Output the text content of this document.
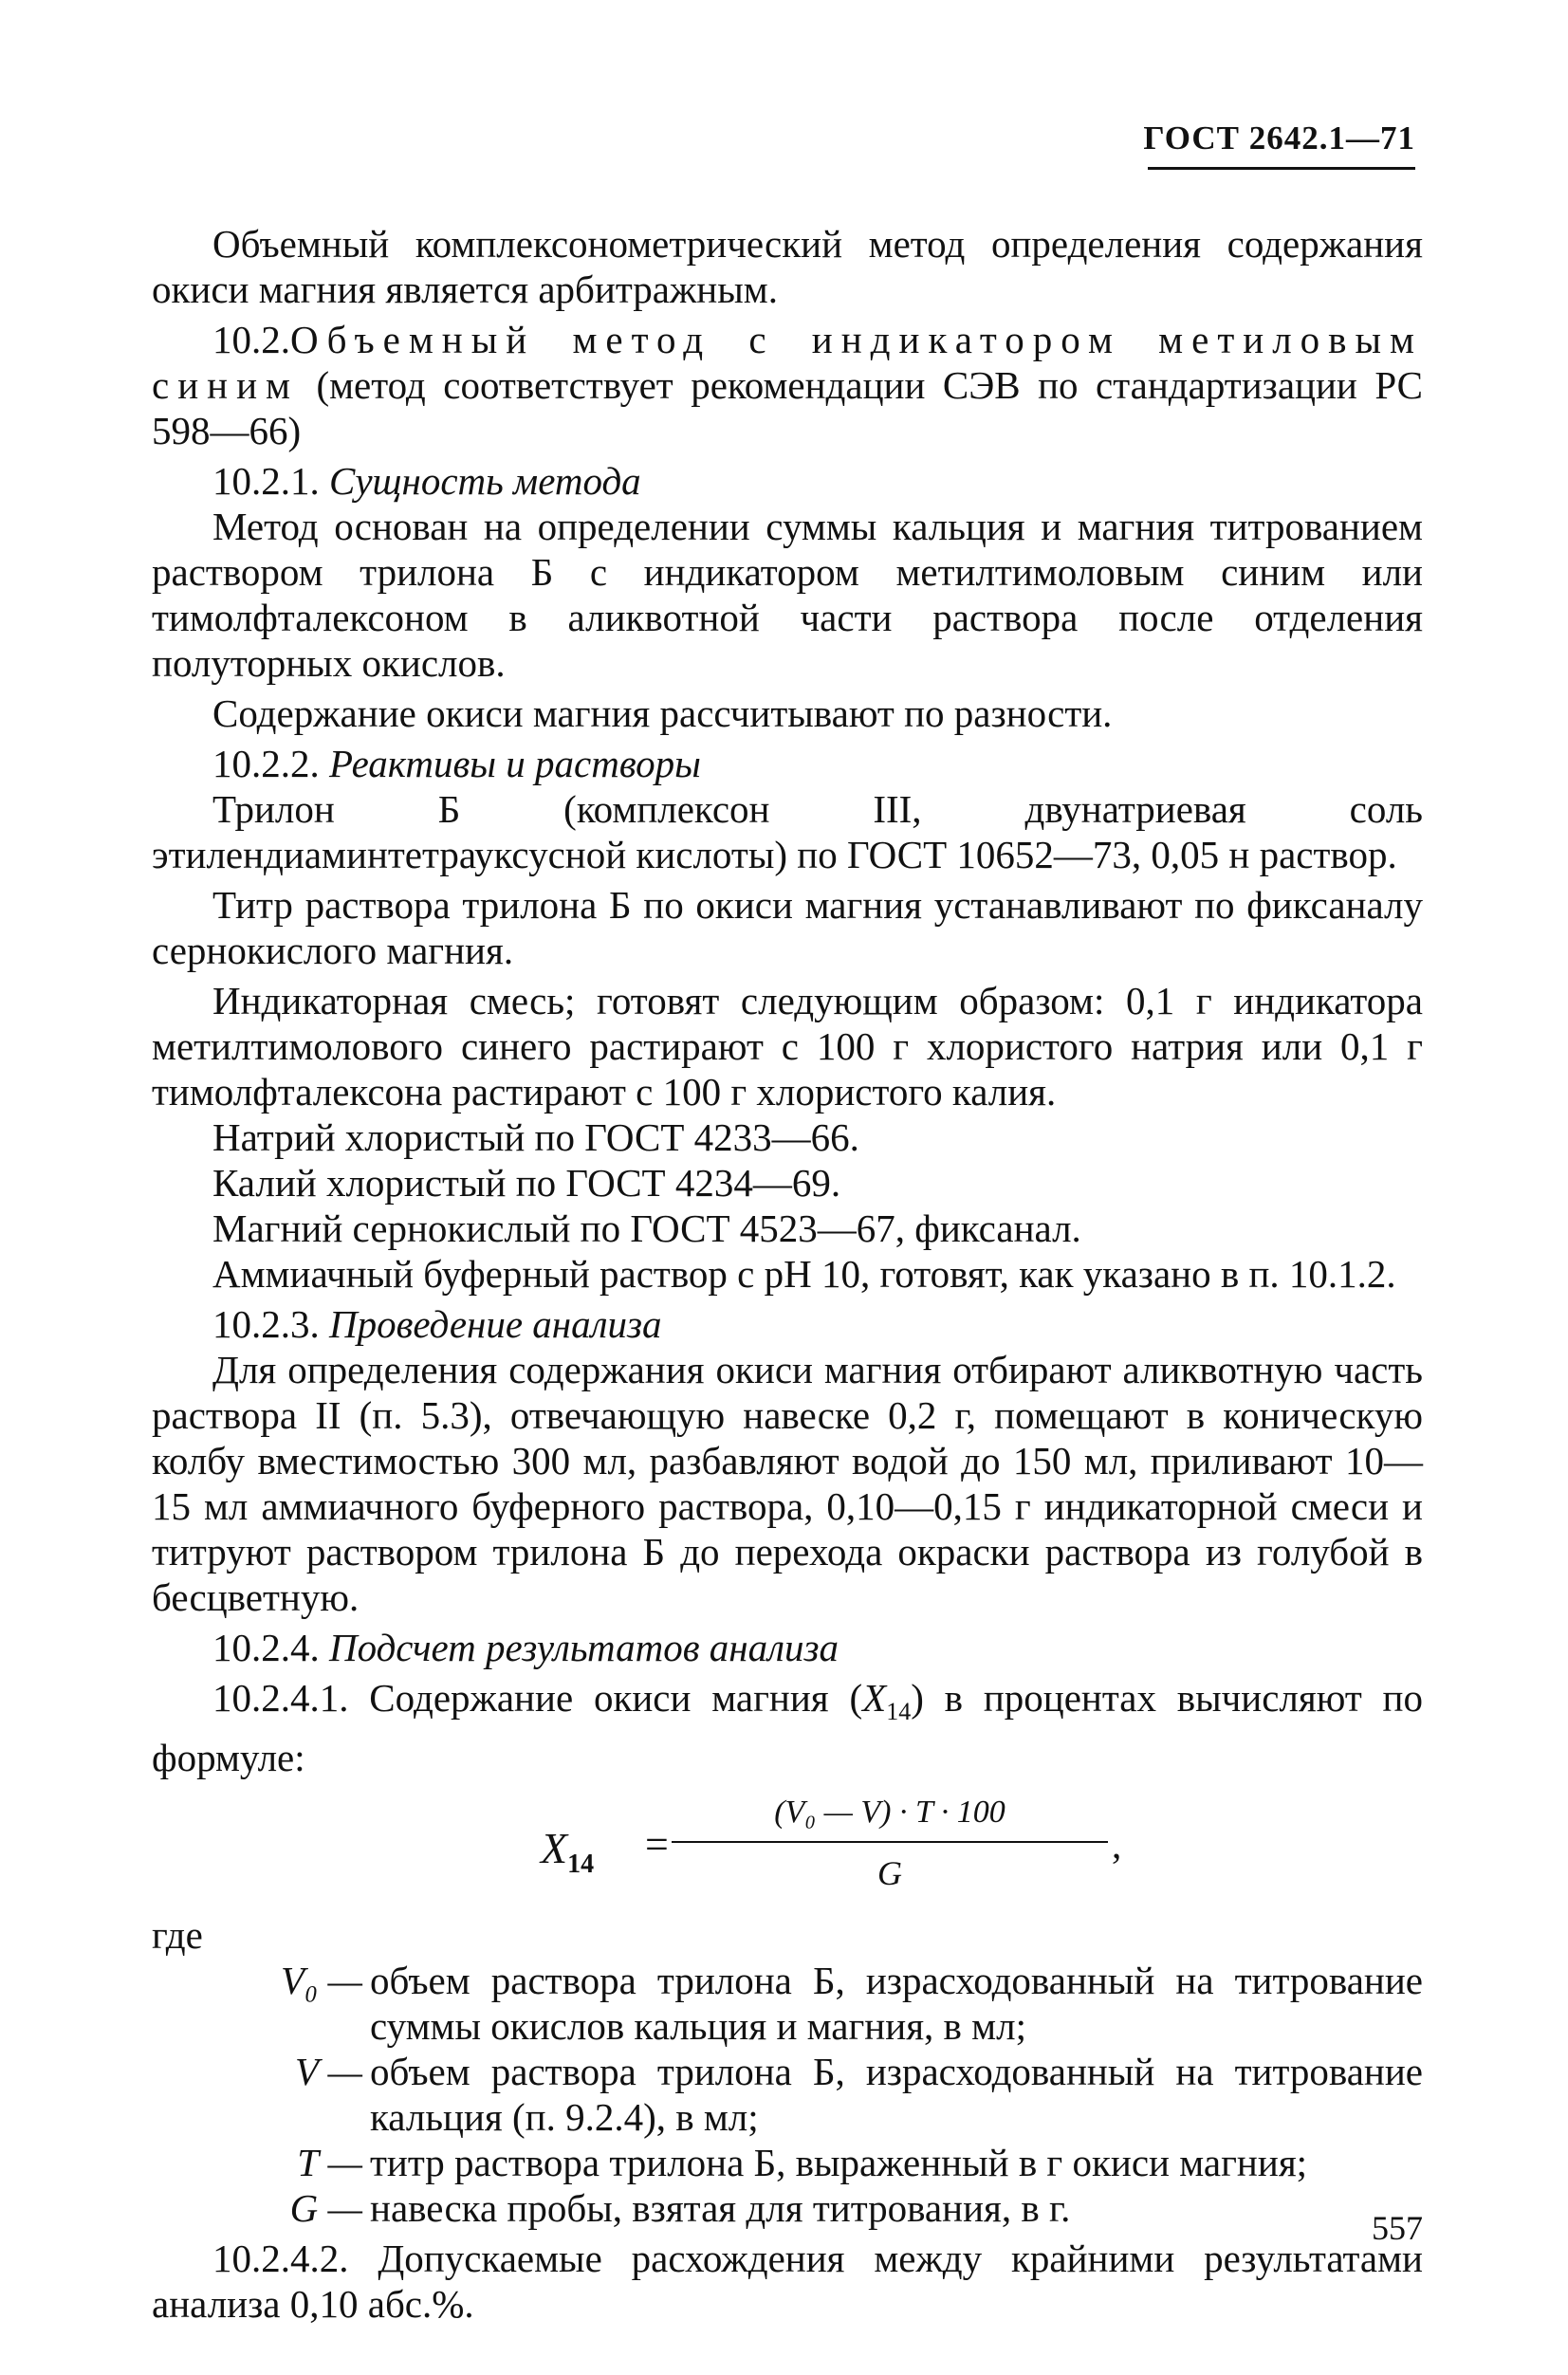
ГОСТ 2642.1—71

Объемный комплексонометрический метод определения содержания окиси магния является арбитражным.

10.2.Объемный метод с индикатором метиловым синим (метод соответствует рекомендации СЭВ по стандартизации РС 598—66)

10.2.1. Сущность метода

Метод основан на определении суммы кальция и магния титрованием раствором трилона Б с индикатором метилтимоловым синим или тимолфталексоном в аликвотной части раствора после отделения полуторных окислов.

Содержание окиси магния рассчитывают по разности.

10.2.2. Реактивы и растворы

Трилон Б (комплексон III, двунатриевая соль этилендиаминтетрауксусной кислоты) по ГОСТ 10652—73, 0,05 н раствор.

Титр раствора трилона Б по окиси магния устанавливают по фиксаналу сернокислого магния.

Индикаторная смесь; готовят следующим образом: 0,1 г индикатора метилтимолового синего растирают с 100 г хлористого натрия или 0,1 г тимолфталексона растирают с 100 г хлористого калия.

Натрий хлористый по ГОСТ 4233—66.

Калий хлористый по ГОСТ 4234—69.

Магний сернокислый по ГОСТ 4523—67, фиксанал.

Аммиачный буферный раствор с рН 10, готовят, как указано в п. 10.1.2.

10.2.3. Проведение анализа

Для определения содержания окиси магния отбирают аликвотную часть раствора II (п. 5.3), отвечающую навеске 0,2 г, помещают в коническую колбу вместимостью 300 мл, разбавляют водой до 150 мл, приливают 10—15 мл аммиачного буферного раствора, 0,10—0,15 г индикаторной смеси и титруют раствором трилона Б до перехода окраски раствора из голубой в бесцветную.

10.2.4. Подсчет результатов анализа

10.2.4.1. Содержание окиси магния $(X_{14})$ в процентах вычисляют по формуле:

$X_{14}$ =
(V₀ — V) · T · 100
G
,

где

V₀ — объем раствора трилона Б, израсходованный на титрование суммы окислов кальция и магния, в мл;

V — объем раствора трилона Б, израсходованный на титрование кальция (п. 9.2.4), в мл;

T — титр раствора трилона Б, выраженный в г окиси магния;

G — навеска пробы, взятая для титрования, в г.

10.2.4.2. Допускаемые расхождения между крайними результатами анализа 0,10 абс.%.

557
